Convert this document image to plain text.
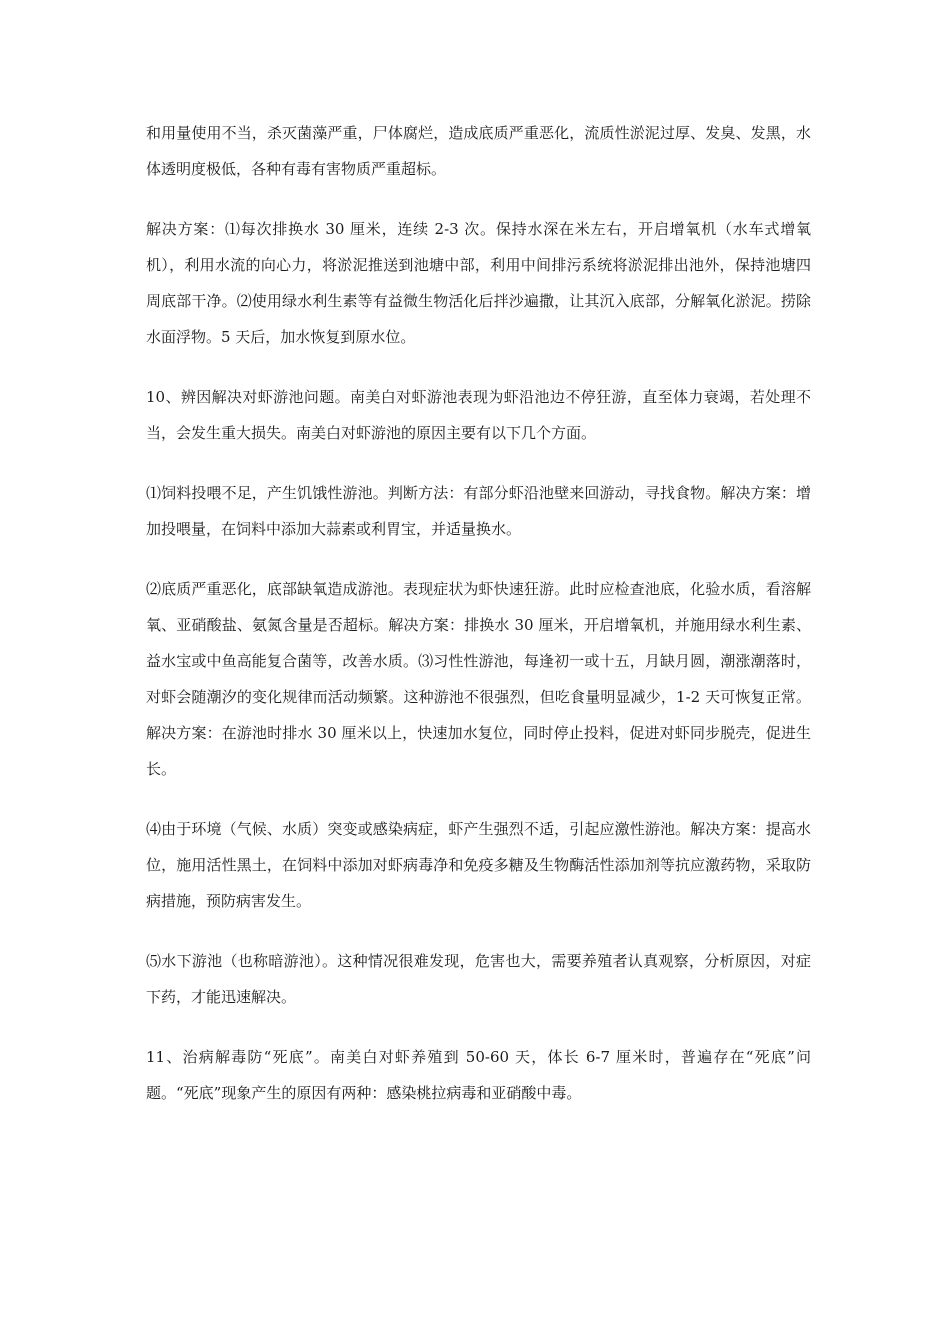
和用量使用不当，杀灭菌藻严重，尸体腐烂，造成底质严重恶化，流质性淤泥过厚、发臭、发黑，水体透明度极低，各种有毒有害物质严重超标。

解决方案：⑴每次排换水 30 厘米，连续 2-3 次。保持水深在米左右，开启增氧机（水车式增氧机），利用水流的向心力，将淤泥推送到池塘中部，利用中间排污系统将淤泥排出池外，保持池塘四周底部干净。⑵使用绿水利生素等有益微生物活化后拌沙遍撒，让其沉入底部，分解氧化淤泥。捞除水面浮物。5 天后，加水恢复到原水位。

10、辨因解决对虾游池问题。南美白对虾游池表现为虾沿池边不停狂游，直至体力衰竭，若处理不当，会发生重大损失。南美白对虾游池的原因主要有以下几个方面。

⑴饲料投喂不足，产生饥饿性游池。判断方法：有部分虾沿池壁来回游动，寻找食物。解决方案：增加投喂量，在饲料中添加大蒜素或利胃宝，并适量换水。

⑵底质严重恶化，底部缺氧造成游池。表现症状为虾快速狂游。此时应检查池底，化验水质，看溶解氧、亚硝酸盐、氨氮含量是否超标。解决方案：排换水 30 厘米，开启增氧机，并施用绿水利生素、益水宝或中鱼高能复合菌等，改善水质。⑶习性性游池，每逢初一或十五，月缺月圆，潮涨潮落时，对虾会随潮汐的变化规律而活动频繁。这种游池不很强烈，但吃食量明显减少，1-2 天可恢复正常。解决方案：在游池时排水 30 厘米以上，快速加水复位，同时停止投料，促进对虾同步脱壳，促进生长。

⑷由于环境（气候、水质）突变或感染病症，虾产生强烈不适，引起应激性游池。解决方案：提高水位，施用活性黑土，在饲料中添加对虾病毒净和免疫多糖及生物酶活性添加剂等抗应激药物，采取防病措施，预防病害发生。

⑸水下游池（也称暗游池）。这种情况很难发现，危害也大，需要养殖者认真观察，分析原因，对症下药，才能迅速解决。

11、治病解毒防“死底”。南美白对虾养殖到 50-60 天，体长 6-7 厘米时，普遍存在“死底”问题。“死底”现象产生的原因有两种：感染桃拉病毒和亚硝酸中毒。
